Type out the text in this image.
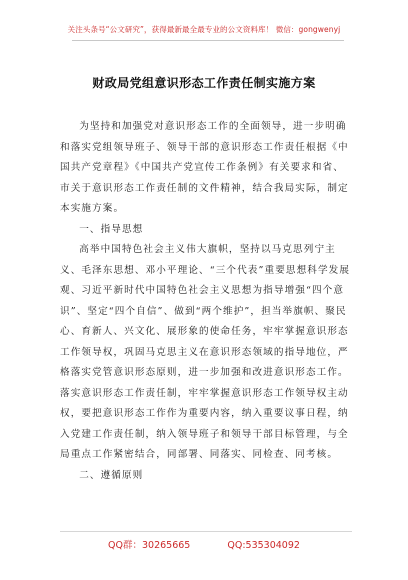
关注头条号“公文研究”，获得最新最全最专业的公文资料库！ 微信：gongwenyj
财政局党组意识形态工作责任制实施方案

为坚持和加强党对意识形态工作的全面领导，进一步明确和落实党组领导班子、领导干部的意识形态工作责任根据《中国共产党章程》《中国共产党宣传工作条例》有关要求和省、市关于意识形态工作责任制的文件精神，结合我局实际，制定本实施方案。

一、指导思想

高举中国特色社会主义伟大旗帜，坚持以马克思列宁主义、毛泽东思想、邓小平理论、“三个代表”重要思想科学发展观、习近平新时代中国特色社会主义思想为指导增强“四个意识”、坚定“四个自信”、做到“两个维护”，担当举旗帜、聚民心、育新人、兴文化、展形象的使命任务，牢牢掌握意识形态工作领导权，巩固马克思主义在意识形态领域的指导地位，严格落实党管意识形态原则，进一步加强和改进意识形态工作。落实意识形态工作责任制，牢牢掌握意识形态工作领导权主动权，要把意识形态工作作为重要内容，纳入重要议事日程，纳入党建工作责任制，纳入领导班子和领导干部目标管理，与全局重点工作紧密结合，同部署、同落实、同检查、同考核。

二、遵循原则

QQ群：30265665	QQ:535304092
